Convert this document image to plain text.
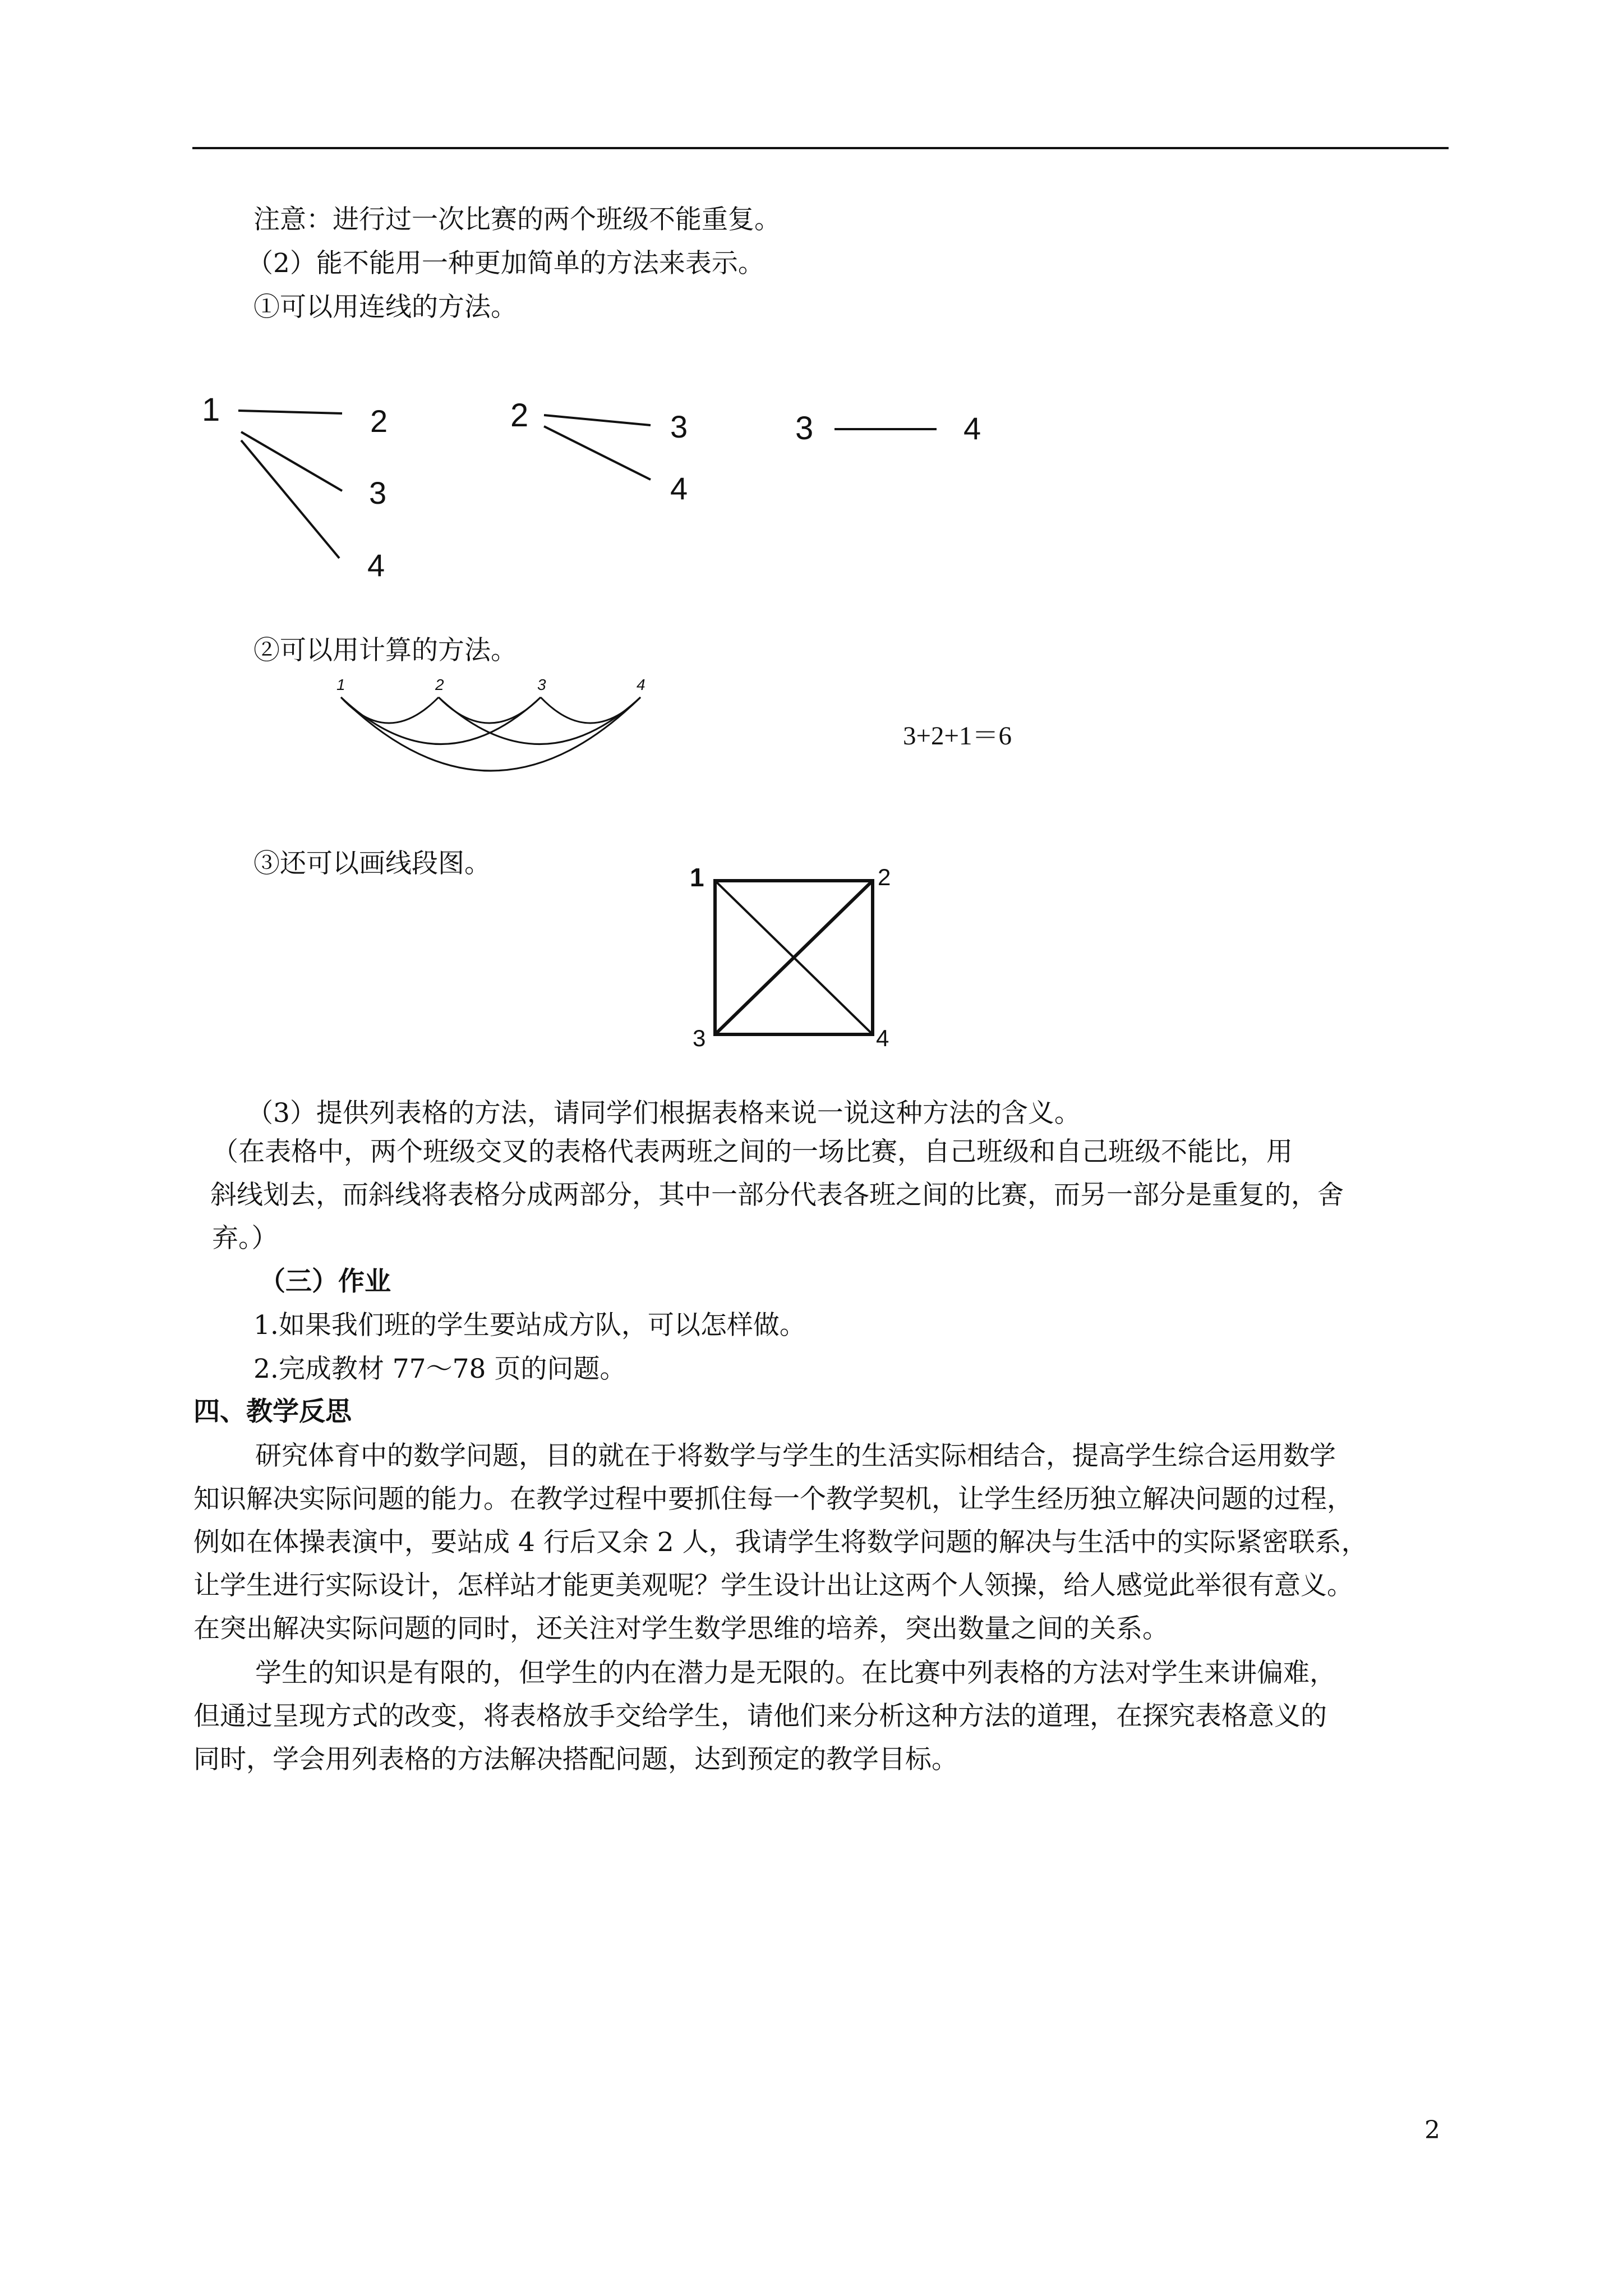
注意：进行过一次比赛的两个班级不能重复。
（2）能不能用一种更加简单的方法来表示。
①可以用连线的方法。
1	2
3
4
2	3
4
3	4
②可以用计算的方法。
1	2	3	4
3+2+1＝6
③还可以画线段图。	1	2
3	4
（3）提供列表格的方法，请同学们根据表格来说一说这种方法的含义。
（在表格中，两个班级交叉的表格代表两班之间的一场比赛，自己班级和自己班级不能比，用
斜线划去，而斜线将表格分成两部分，其中一部分代表各班之间的比赛，而另一部分是重复的，舍
弃。）
（三）作业
1.如果我们班的学生要站成方队，可以怎样做。
2.完成教材 77～78 页的问题。
四、教学反思
研究体育中的数学问题，目的就在于将数学与学生的生活实际相结合，提高学生综合运用数学
知识解决实际问题的能力。在教学过程中要抓住每一个教学契机，让学生经历独立解决问题的过程，
例如在体操表演中，要站成 4 行后又余 2 人，我请学生将数学问题的解决与生活中的实际紧密联系，
让学生进行实际设计，怎样站才能更美观呢？学生设计出让这两个人领操，给人感觉此举很有意义。
在突出解决实际问题的同时，还关注对学生数学思维的培养，突出数量之间的关系。
学生的知识是有限的，但学生的内在潜力是无限的。在比赛中列表格的方法对学生来讲偏难，
但通过呈现方式的改变，将表格放手交给学生，请他们来分析这种方法的道理，在探究表格意义的
同时，学会用列表格的方法解决搭配问题，达到预定的教学目标。
2
